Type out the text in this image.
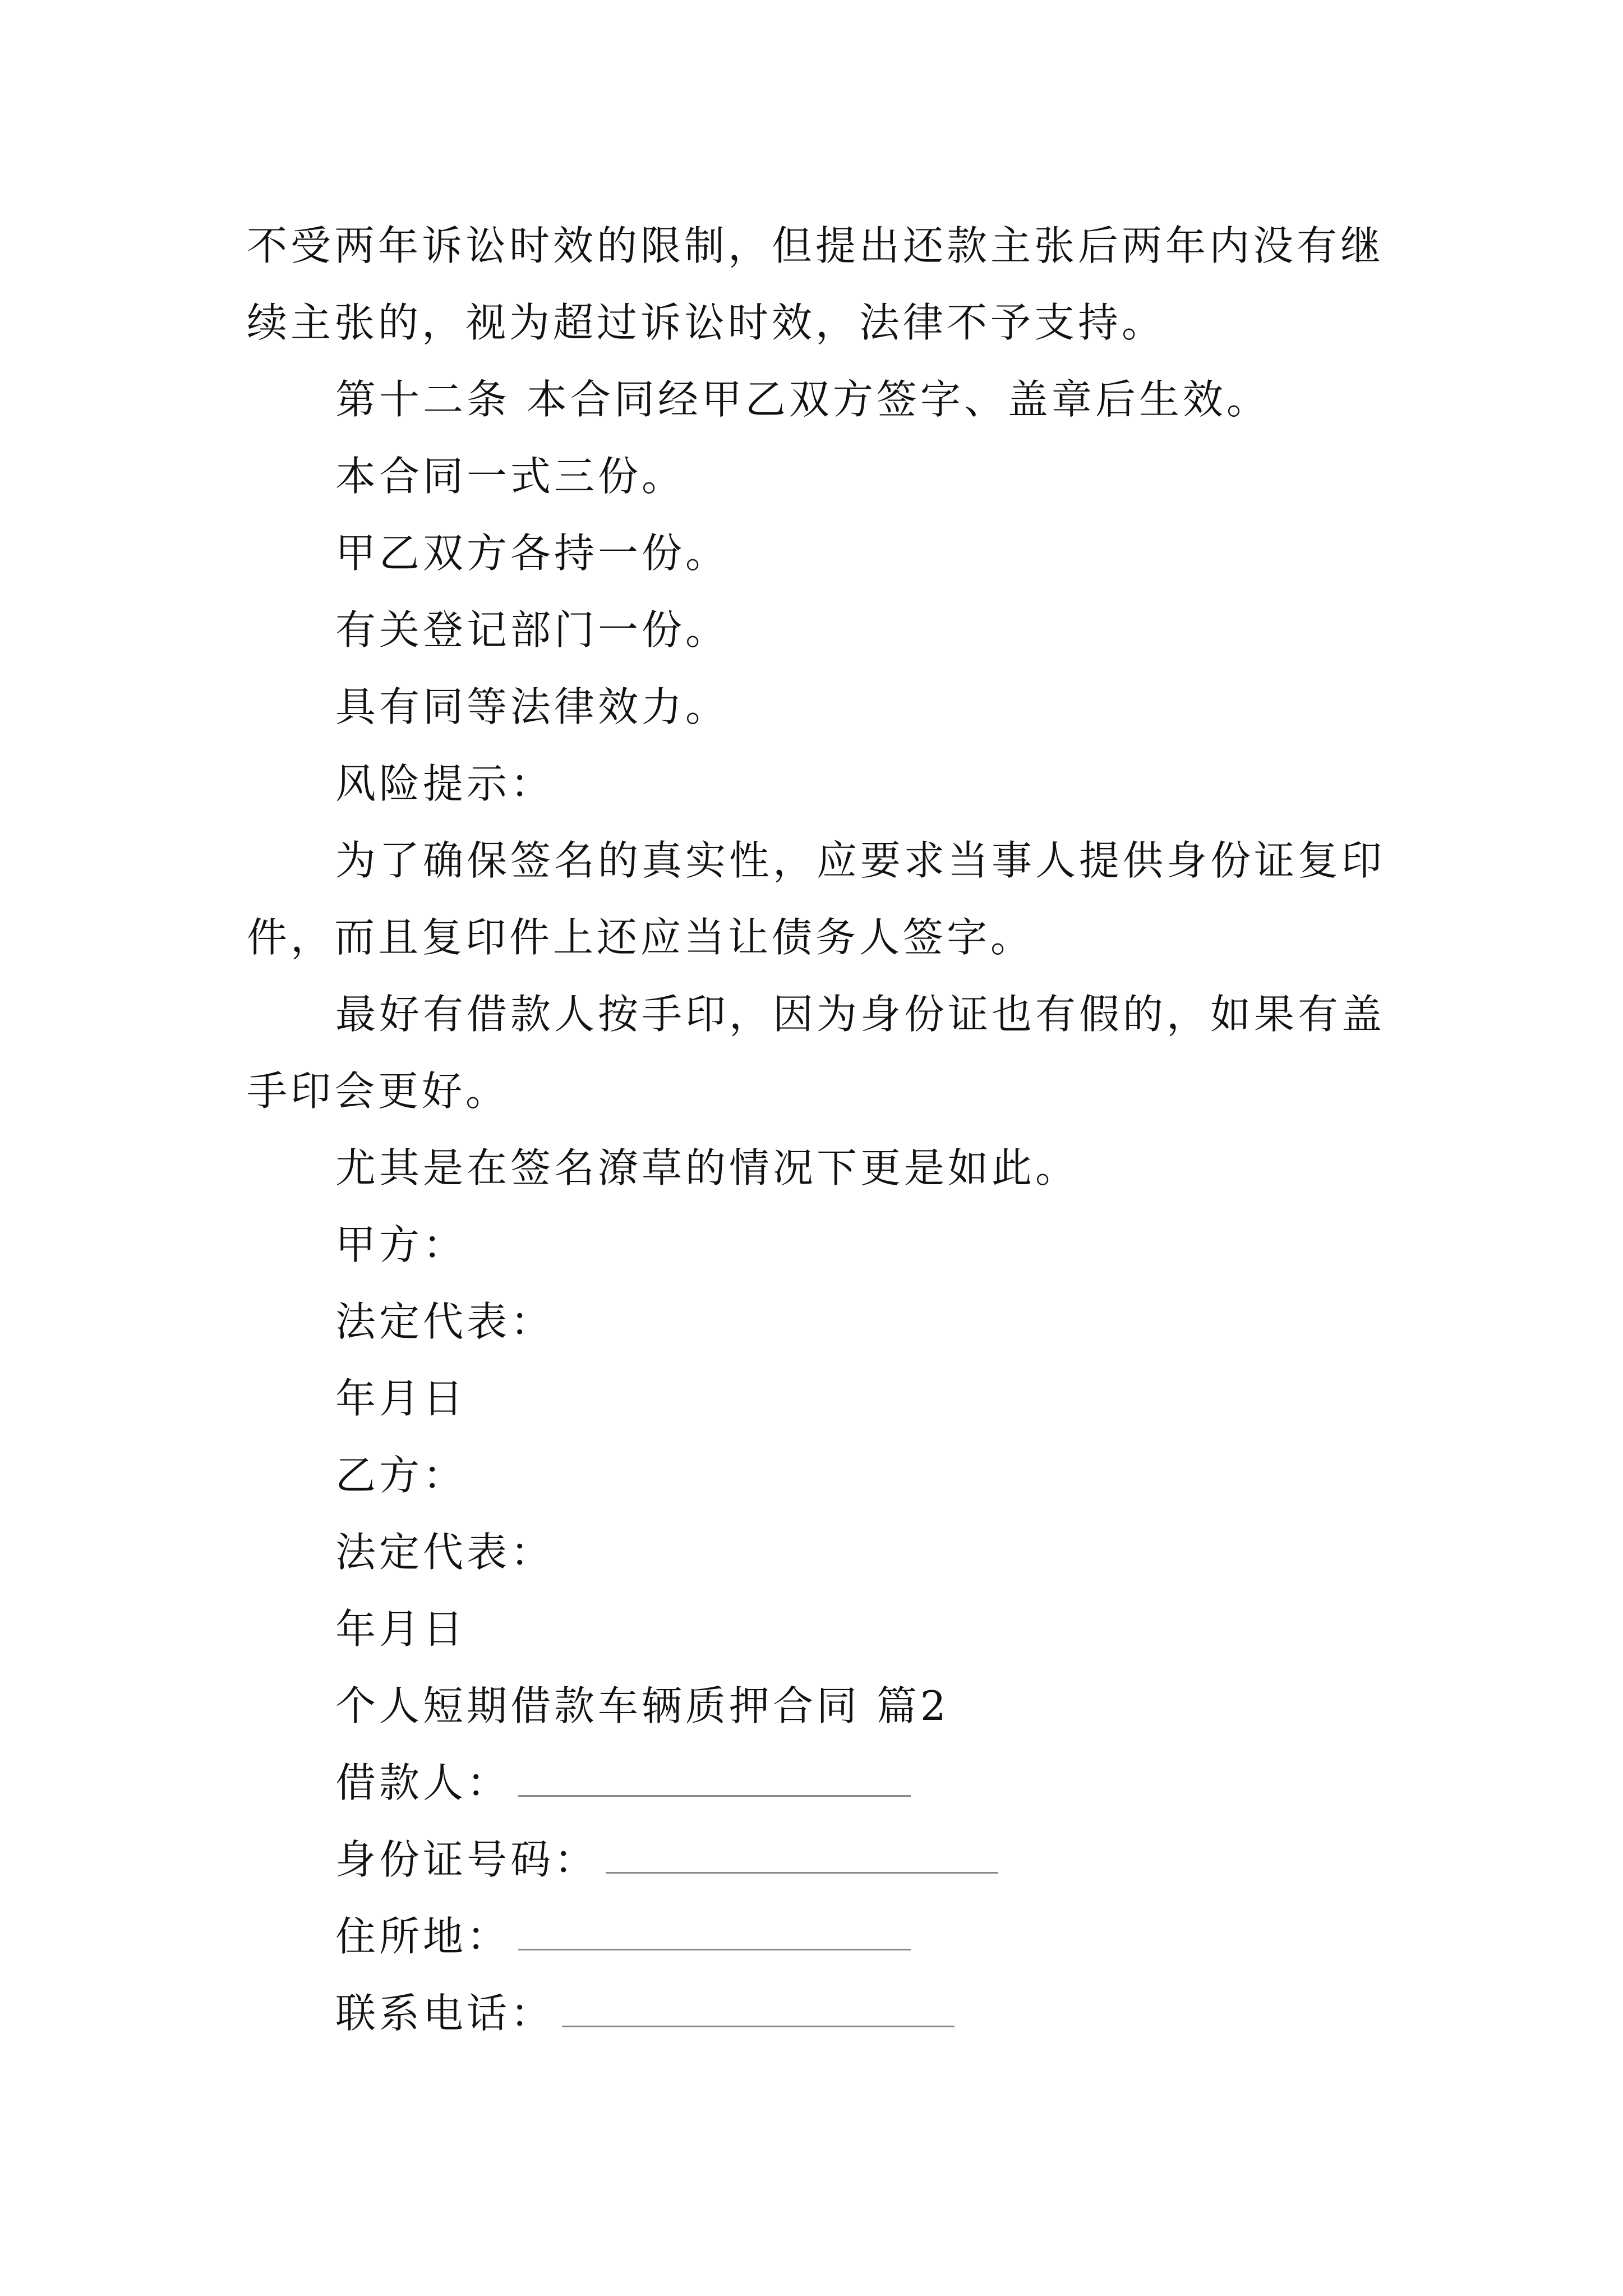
不受两年诉讼时效的限制，但提出还款主张后两年内没有继续主张的，视为超过诉讼时效，法律不予支持。

第十二条 本合同经甲乙双方签字、盖章后生效。

本合同一式三份。

甲乙双方各持一份。

有关登记部门一份。

具有同等法律效力。

风险提示：

为了确保签名的真实性，应要求当事人提供身份证复印件，而且复印件上还应当让债务人签字。

最好有借款人按手印，因为身份证也有假的，如果有盖手印会更好。

尤其是在签名潦草的情况下更是如此。

甲方：

法定代表：

年月日

乙方：

法定代表：

年月日

个人短期借款车辆质押合同 篇2

借款人：

身份证号码：

住所地：

联系电话：
